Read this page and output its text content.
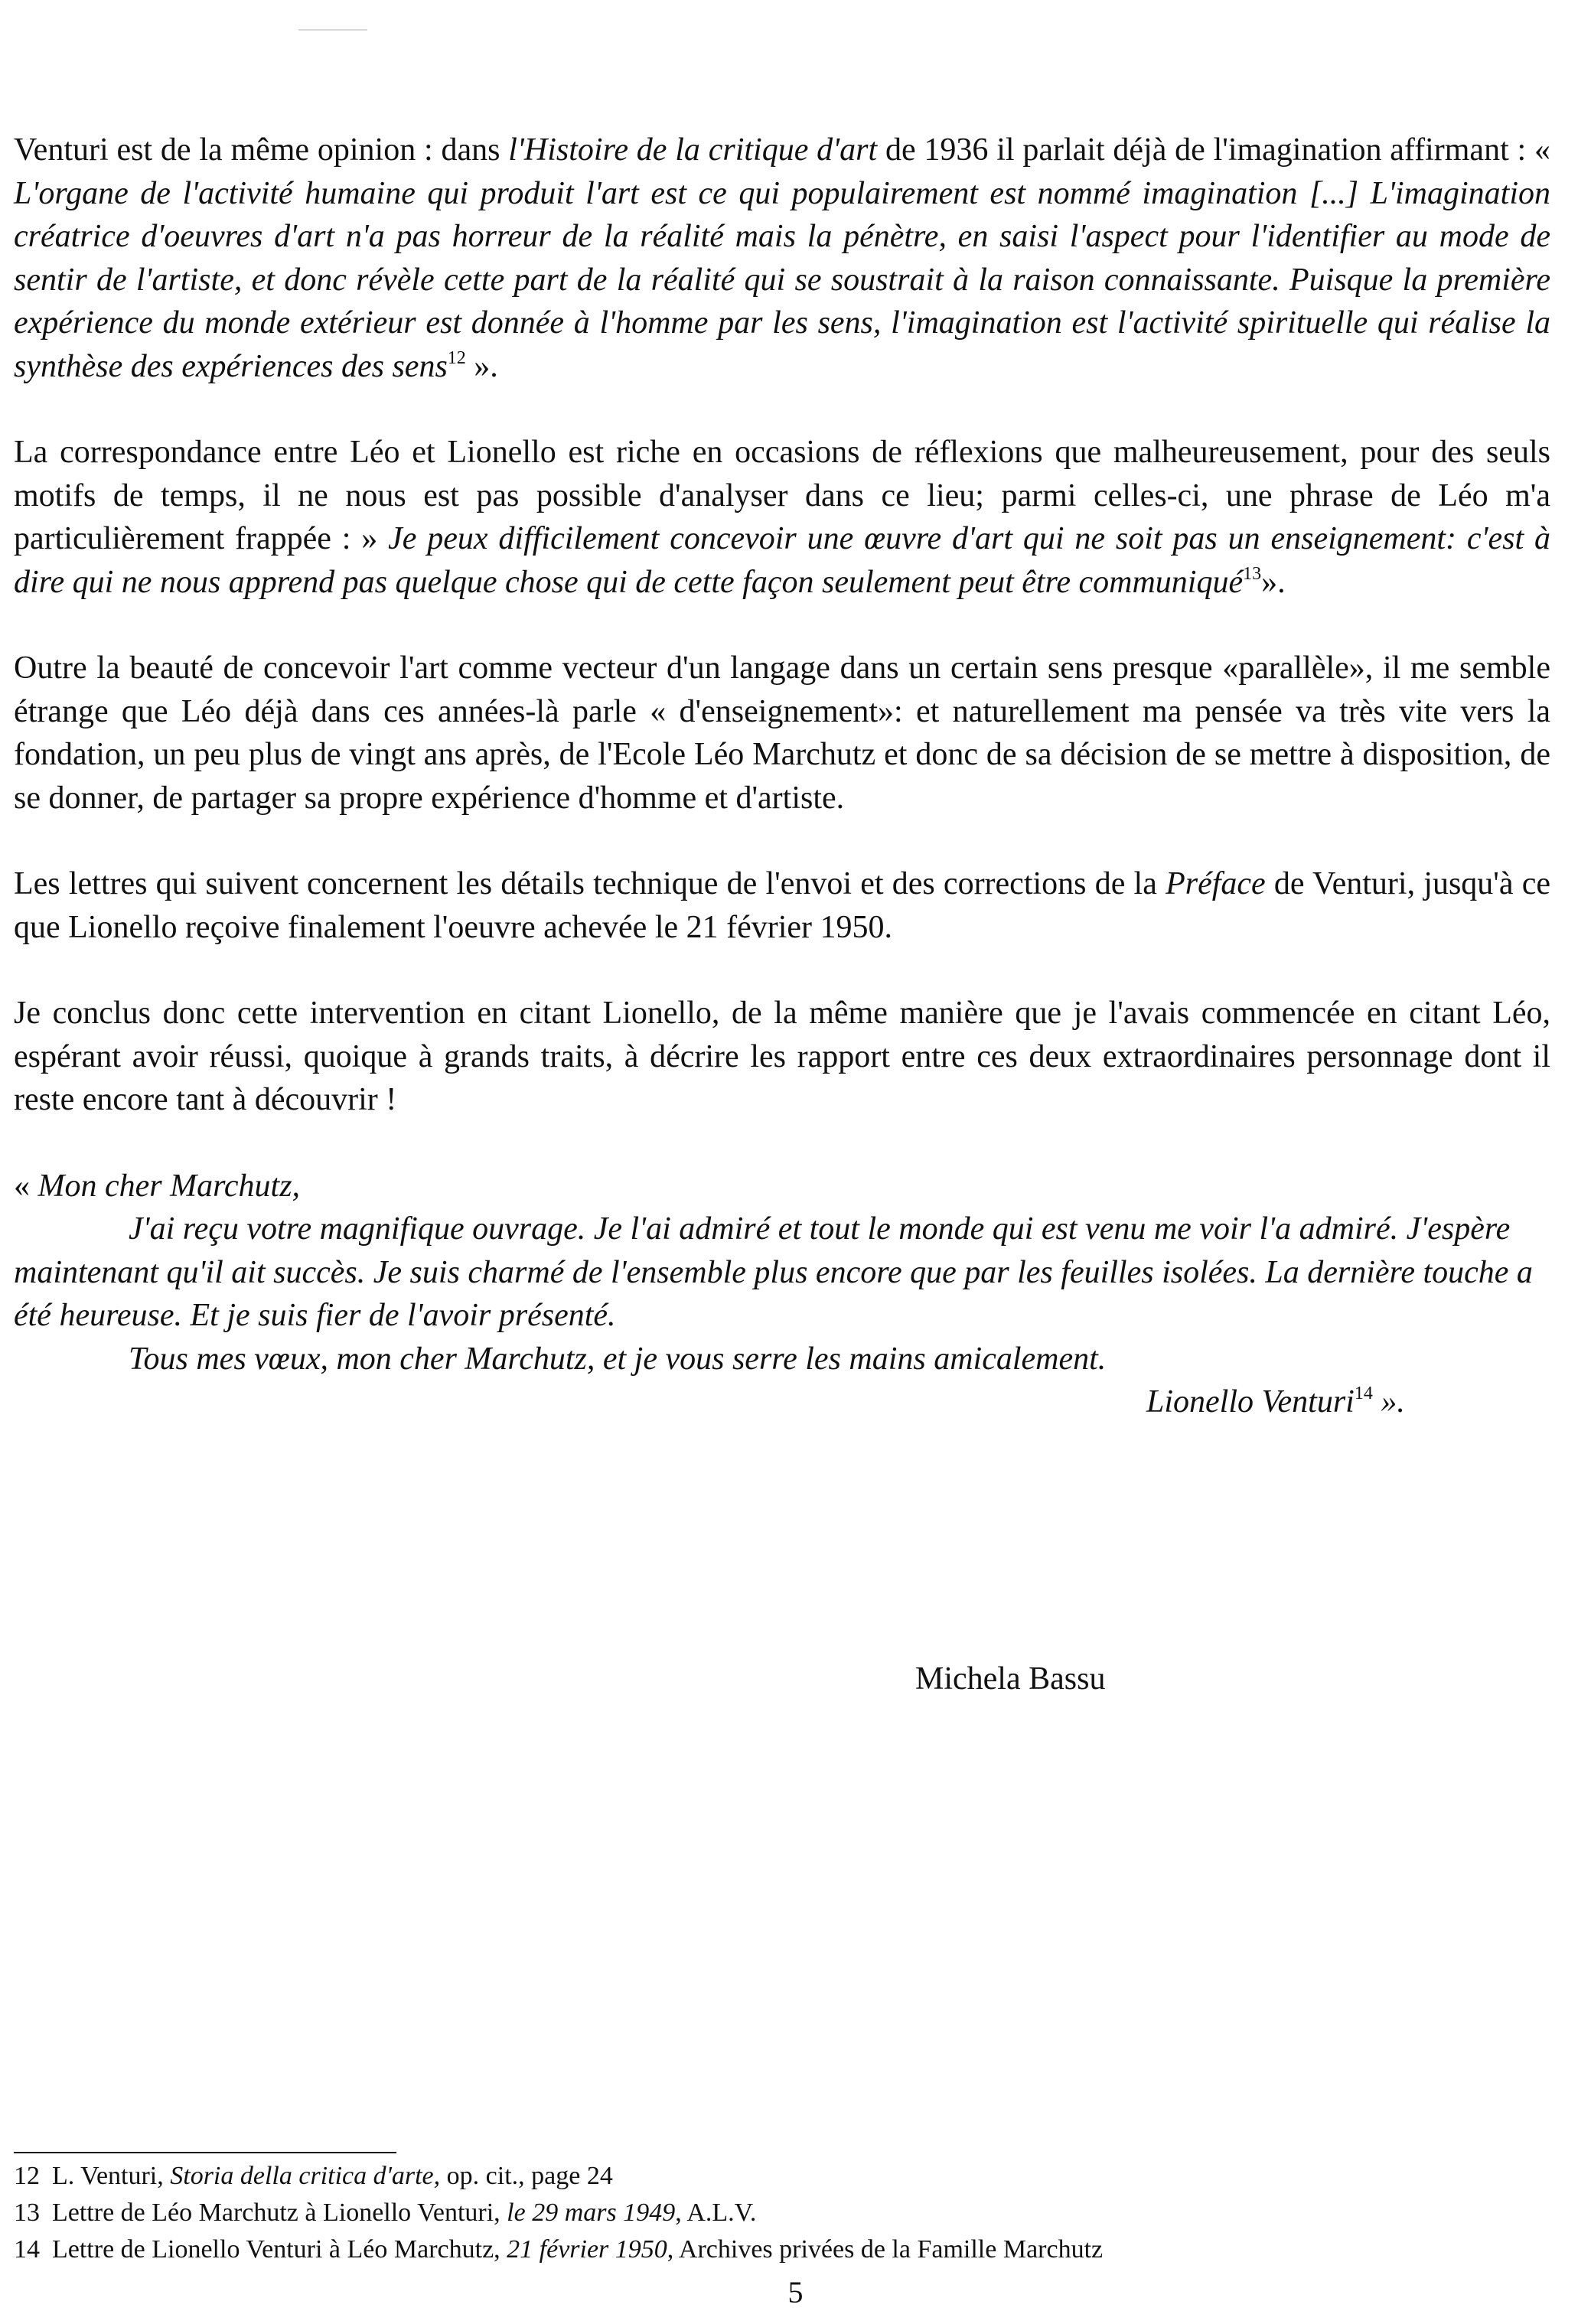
Venturi est de la même opinion : dans l'Histoire de la critique d'art de 1936 il parlait déjà de l'imagination affirmant : « L'organe de l'activité humaine qui produit l'art est ce qui populairement est nommé imagination [...] L'imagination créatrice d'oeuvres d'art n'a pas horreur de la réalité mais la pénètre, en saisi l'aspect pour l'identifier au mode de sentir de l'artiste, et donc révèle cette part de la réalité qui se soustrait à la raison connaissante. Puisque la première expérience du monde extérieur est donnée à l'homme par les sens, l'imagination est l'activité spirituelle qui réalise la synthèse des expériences des sens$^{12}$ ».

La correspondance entre Léo et Lionello est riche en occasions de réflexions que malheureusement, pour des seuls motifs de temps, il ne nous est pas possible d'analyser dans ce lieu; parmi celles-ci, une phrase de Léo m'a particulièrement frappée : » Je peux difficilement concevoir une œuvre d'art qui ne soit pas un enseignement: c'est à dire qui ne nous apprend pas quelque chose qui de cette façon seulement peut être communiqué$^{13}$».

Outre la beauté de concevoir l'art comme vecteur d'un langage dans un certain sens presque «parallèle», il me semble étrange que Léo déjà dans ces années-là parle « d'enseignement»: et naturellement ma pensée va très vite vers la fondation, un peu plus de vingt ans après, de l'Ecole Léo Marchutz et donc de sa décision de se mettre à disposition, de se donner, de partager sa propre expérience d'homme et d'artiste.

Les lettres qui suivent concernent les détails technique de l'envoi et des corrections de la Préface de Venturi, jusqu'à ce que Lionello reçoive finalement l'oeuvre achevée le 21 février 1950.

Je conclus donc cette intervention en citant Lionello, de la même manière que je l'avais commencée en citant Léo, espérant avoir réussi, quoique à grands traits, à décrire les rapport entre ces deux extraordinaires personnage dont il reste encore tant à découvrir !

« Mon cher Marchutz,
J'ai reçu votre magnifique ouvrage. Je l'ai admiré et tout le monde qui est venu me voir l'a admiré. J'espère maintenant qu'il ait succès. Je suis charmé de l'ensemble plus encore que par les feuilles isolées. La dernière touche a été heureuse. Et je suis fier de l'avoir présenté.
Tous mes vœux, mon cher Marchutz, et je vous serre les mains amicalement.
Lionello Venturi$^{14}$ ».
Michela Bassu
12 L. Venturi, Storia della critica d'arte, op. cit., page 24
13 Lettre de Léo Marchutz à Lionello Venturi, le 29 mars 1949, A.L.V.
14 Lettre de Lionello Venturi à Léo Marchutz, 21 février 1950, Archives privées de la Famille Marchutz
5
